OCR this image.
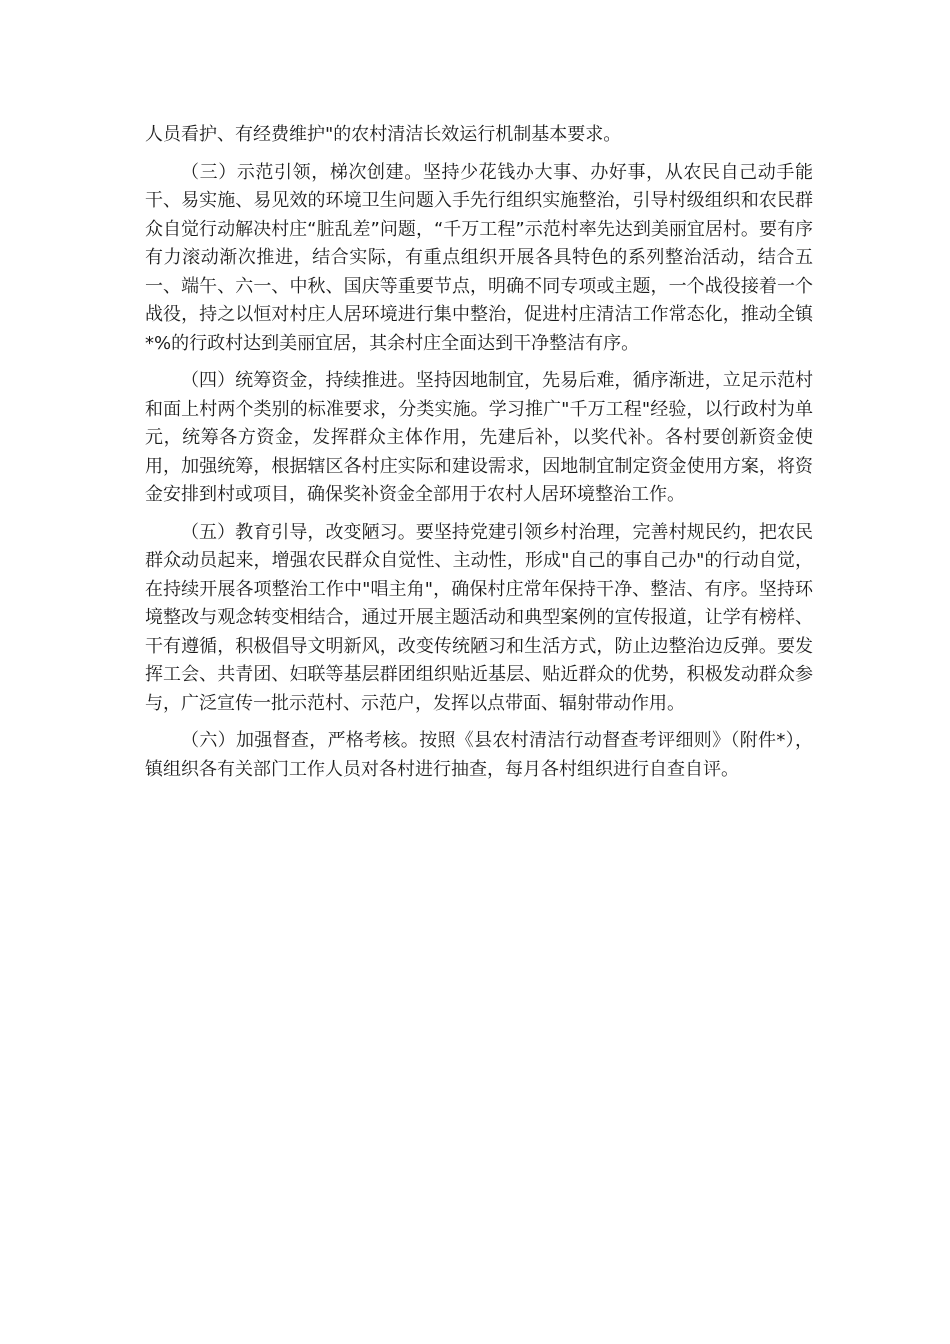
人员看护、有经费维护"的农村清洁长效运行机制基本要求。

（三）示范引领，梯次创建。坚持少花钱办大事、办好事，从农民自己动手能干、易实施、易见效的环境卫生问题入手先行组织实施整治，引导村级组织和农民群众自觉行动解决村庄“脏乱差”问题，“千万工程”示范村率先达到美丽宜居村。要有序有力滚动渐次推进，结合实际，有重点组织开展各具特色的系列整治活动，结合五一、端午、六一、中秋、国庆等重要节点，明确不同专项或主题，一个战役接着一个战役，持之以恒对村庄人居环境进行集中整治，促进村庄清洁工作常态化，推动全镇*%的行政村达到美丽宜居，其余村庄全面达到干净整洁有序。

（四）统筹资金，持续推进。坚持因地制宜，先易后难，循序渐进，立足示范村和面上村两个类别的标准要求，分类实施。学习推广"千万工程"经验，以行政村为单元，统筹各方资金，发挥群众主体作用，先建后补，以奖代补。各村要创新资金使用，加强统筹，根据辖区各村庄实际和建设需求，因地制宜制定资金使用方案，将资金安排到村或项目，确保奖补资金全部用于农村人居环境整治工作。

（五）教育引导，改变陋习。要坚持党建引领乡村治理，完善村规民约，把农民群众动员起来，增强农民群众自觉性、主动性，形成"自己的事自己办"的行动自觉，在持续开展各项整治工作中"唱主角"，确保村庄常年保持干净、整洁、有序。坚持环境整改与观念转变相结合，通过开展主题活动和典型案例的宣传报道，让学有榜样、干有遵循，积极倡导文明新风，改变传统陋习和生活方式，防止边整治边反弹。要发挥工会、共青团、妇联等基层群团组织贴近基层、贴近群众的优势，积极发动群众参与，广泛宣传一批示范村、示范户，发挥以点带面、辐射带动作用。

（六）加强督查，严格考核。按照《县农村清洁行动督查考评细则》（附件*），镇组织各有关部门工作人员对各村进行抽查，每月各村组织进行自查自评。
